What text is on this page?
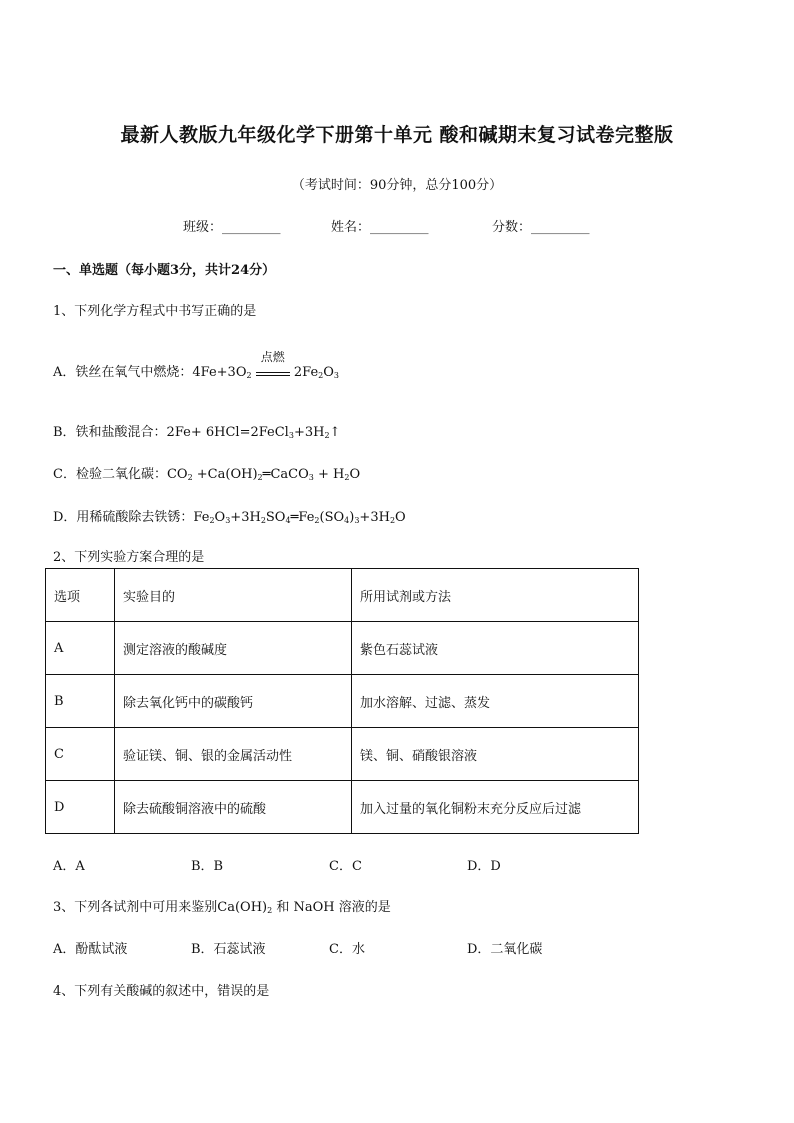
最新人教版九年级化学下册第十单元 酸和碱期末复习试卷完整版
（考试时间：90分钟，总分100分）
班级：_________	姓名：_________	分数：_________
一、单选题（每小题3分，共计24分）
1、下列化学方程式中书写正确的是
A．铁丝在氧气中燃烧：$4Fe+3O_2$
点燃
$2Fe_2O_3$
B．铁和盐酸混合：$2Fe+ 6HCl=2FeCl_3+3H_2↑$
C．检验二氧化碳：$CO_2$ $+Ca(OH)_2═CaCO_3 + H_2O$
D．用稀硫酸除去铁锈：$Fe_2O_3+3H_2SO_4═Fe_2(SO_4)_3+3H_2O$
2、下列实验方案合理的是
选项	实验目的	所用试剂或方法
A	测定溶液的酸碱度	紫色石蕊试液
B	除去氧化钙中的碳酸钙	加水溶解、过滤、蒸发
C	验证镁、铜、银的金属活动性	镁、铜、硝酸银溶液
D	除去硫酸铜溶液中的硫酸	加入过量的氧化铜粉末充分反应后过滤
A．A	B．B	C．C	D．D
3、下列各试剂中可用来鉴别$Ca(OH)_2$ 和 NaOH 溶液的是
A．酚酞试液	B．石蕊试液	C．水	D．二氧化碳
4、下列有关酸碱的叙述中，错误的是
